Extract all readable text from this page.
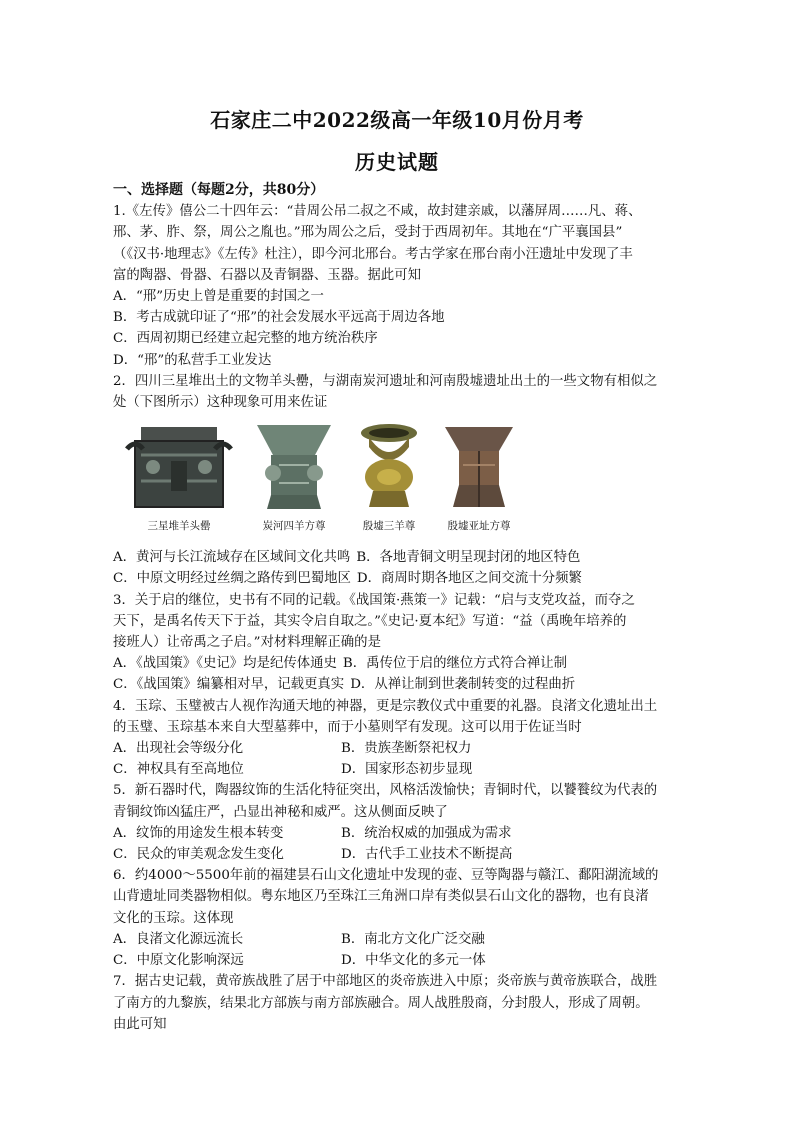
石家庄二中2022级高一年级10月份月考
历史试题
一、选择题（每题2分，共80分）

1.《左传》僖公二十四年云：“昔周公吊二叔之不咸，故封建亲戚，以藩屏周……凡、蒋、

邢、茅、胙、祭，周公之胤也。”邢为周公之后，受封于西周初年。其地在“广平襄国县”

（《汉书·地理志》《左传》杜注），即今河北邢台。考古学家在邢台南小汪遗址中发现了丰

富的陶器、骨器、石器以及青铜器、玉器。据此可知

A．“邢”历史上曾是重要的封国之一

B．考古成就印证了“邢”的社会发展水平远高于周边各地

C．西周初期已经建立起完整的地方统治秩序

D．“邢”的私营手工业发达

2．四川三星堆出土的文物羊头罍，与湖南炭河遗址和河南殷墟遗址出土的一些文物有相似之

处（下图所示）这种现象可用来佐证

三星堆羊头罍	炭河四羊方尊	殷墟三羊尊	殷墟亚址方尊
A．黄河与长江流域存在区域间文化共鸣 B．各地青铜文明呈现封闭的地区特色
C．中原文明经过丝绸之路传到巴蜀地区 D．商周时期各地区之间交流十分频繁

3．关于启的继位，史书有不同的记载。《战国策·燕策一》记载：“启与支党攻益，而夺之

天下，是禹名传天下于益，其实令启自取之。”《史记·夏本纪》写道：“益（禹晚年培养的

接班人）让帝禹之子启。”对材料理解正确的是

A．《战国策》《史记》均是纪传体通史 B．禹传位于启的继位方式符合禅让制
C．《战国策》编纂相对早，记载更真实 D．从禅让制到世袭制转变的过程曲折

4．玉琮、玉璧被古人视作沟通天地的神器，更是宗教仪式中重要的礼器。良渚文化遗址出土

的玉璧、玉琮基本来自大型墓葬中，而于小墓则罕有发现。这可以用于佐证当时

A．出现社会等级分化	B．贵族垄断祭祀权力
C．神权具有至高地位	D．国家形态初步显现

5．新石器时代，陶器纹饰的生活化特征突出，风格活泼愉快；青铜时代，以饕餮纹为代表的

青铜纹饰凶猛庄严，凸显出神秘和威严。这从侧面反映了

A．纹饰的用途发生根本转变	B．统治权威的加强成为需求
C．民众的审美观念发生变化	D．古代手工业技术不断提高

6．约4000～5500年前的福建昙石山文化遗址中发现的壶、豆等陶器与赣江、鄱阳湖流域的

山背遗址同类器物相似。粤东地区乃至珠江三角洲口岸有类似昙石山文化的器物，也有良渚

文化的玉琮。这体现

A．良渚文化源远流长	B．南北方文化广泛交融
C．中原文化影响深远	D．中华文化的多元一体

7．据古史记载，黄帝族战胜了居于中部地区的炎帝族进入中原；炎帝族与黄帝族联合，战胜

了南方的九黎族，结果北方部族与南方部族融合。周人战胜殷商，分封殷人，形成了周朝。

由此可知
